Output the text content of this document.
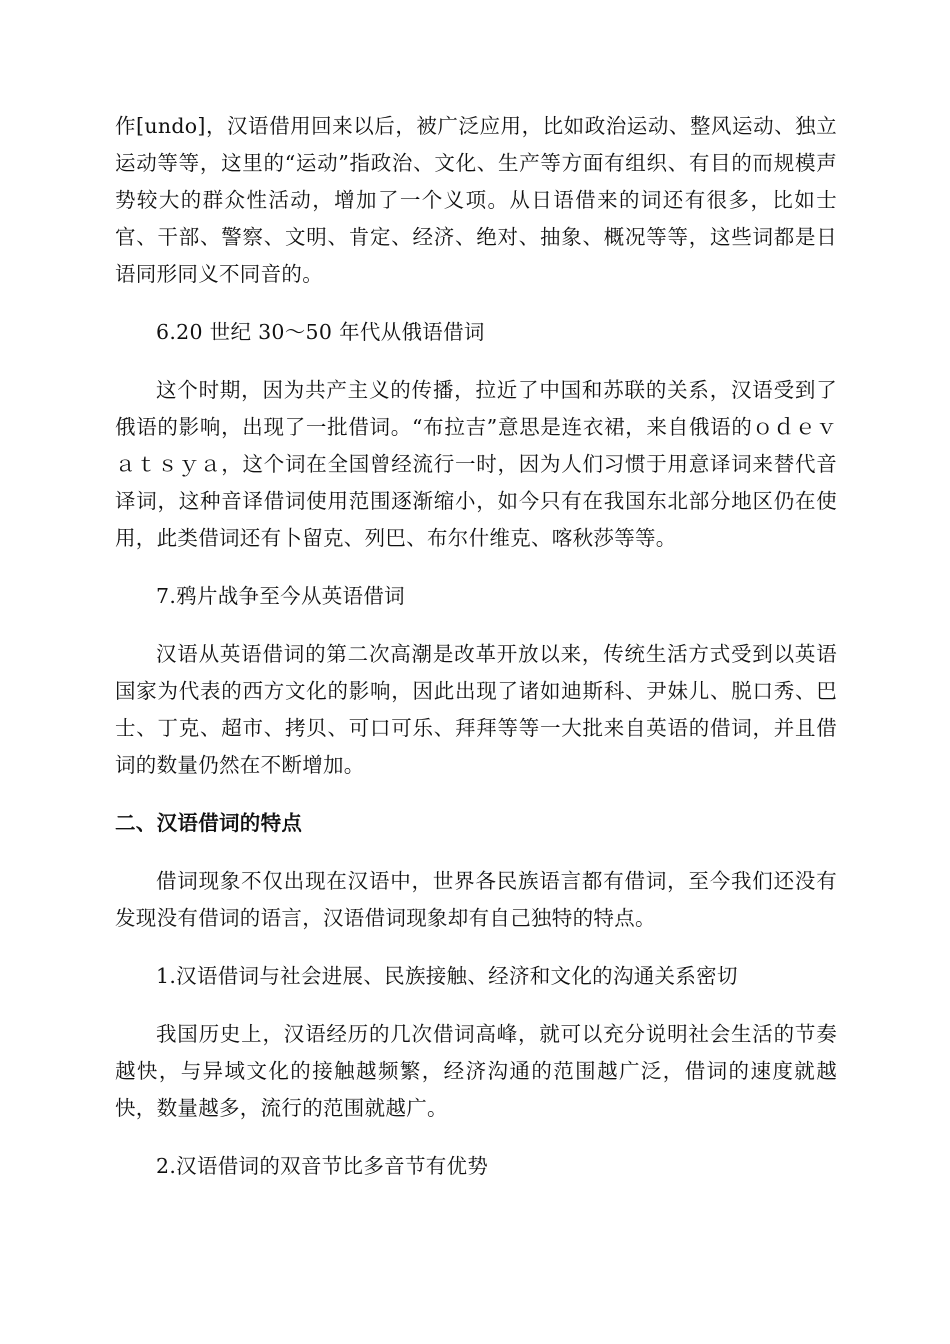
作[undo]，汉语借用回来以后，被广泛应用，比如政治运动、整风运动、独立运动等等，这里的“运动”指政治、文化、生产等方面有组织、有目的而规模声势较大的群众性活动，增加了一个义项。从日语借来的词还有很多，比如士官、干部、警察、文明、肯定、经济、绝对、抽象、概况等等，这些词都是日语同形同义不同音的。

6.20 世纪 30～50 年代从俄语借词

这个时期，因为共产主义的传播，拉近了中国和苏联的关系，汉语受到了俄语的影响，出现了一批借词。“布拉吉”意思是连衣裙，来自俄语的ｏｄｅｖａｔｓｙａ，这个词在全国曾经流行一时，因为人们习惯于用意译词来替代音译词，这种音译借词使用范围逐渐缩小，如今只有在我国东北部分地区仍在使用，此类借词还有卜留克、列巴、布尔什维克、喀秋莎等等。

7.鸦片战争至今从英语借词

汉语从英语借词的第二次高潮是改革开放以来，传统生活方式受到以英语国家为代表的西方文化的影响，因此出现了诸如迪斯科、尹妹儿、脱口秀、巴士、丁克、超市、拷贝、可口可乐、拜拜等等一大批来自英语的借词，并且借词的数量仍然在不断增加。

二、汉语借词的特点

借词现象不仅出现在汉语中，世界各民族语言都有借词，至今我们还没有发现没有借词的语言，汉语借词现象却有自己独特的特点。

1.汉语借词与社会进展、民族接触、经济和文化的沟通关系密切

我国历史上，汉语经历的几次借词高峰，就可以充分说明社会生活的节奏越快，与异域文化的接触越频繁，经济沟通的范围越广泛，借词的速度就越快，数量越多，流行的范围就越广。

2.汉语借词的双音节比多音节有优势
